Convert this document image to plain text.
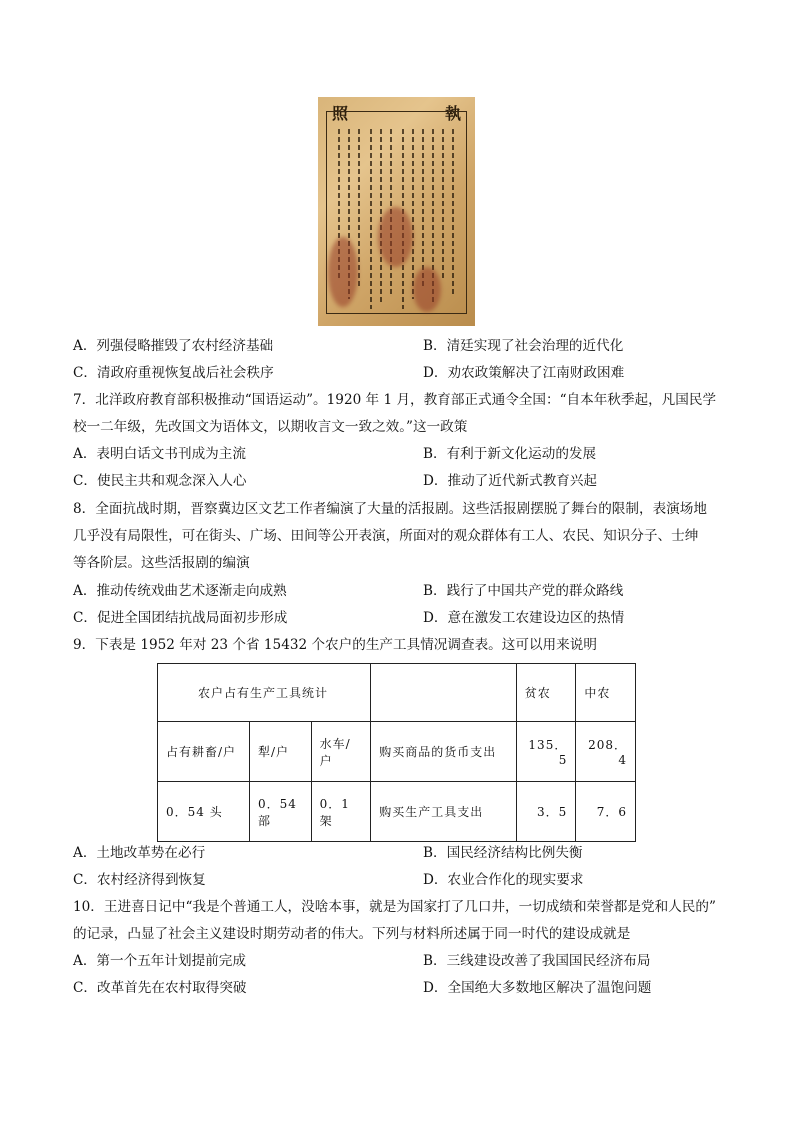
照	執
A．列强侵略摧毁了农村经济基础	B．清廷实现了社会治理的近代化
C．清政府重视恢复战后社会秩序	D．劝农政策解决了江南财政困难
7．北洋政府教育部积极推动“国语运动”。1920 年 1 月，教育部正式通令全国：“自本年秋季起，凡国民学
校一二年级，先改国文为语体文，以期收言文一致之效。”这一政策
A．表明白话文书刊成为主流	B．有利于新文化运动的发展
C．使民主共和观念深入人心	D．推动了近代新式教育兴起
8．全面抗战时期，晋察冀边区文艺工作者编演了大量的活报剧。这些活报剧摆脱了舞台的限制，表演场地
几乎没有局限性，可在街头、广场、田间等公开表演，所面对的观众群体有工人、农民、知识分子、士绅
等各阶层。这些活报剧的编演
A．推动传统戏曲艺术逐渐走向成熟	B．践行了中国共产党的群众路线
C．促进全国团结抗战局面初步形成	D．意在激发工农建设边区的热情
9．下表是 1952 年对 23 个省 15432 个农户的生产工具情况调查表。这可以用来说明
农户占有生产工具统计				贫农	中农
占有耕畜/户	犁/户	水车/户	购买商品的货币支出	135．5	208．4
0．54 头	0．54 部	0．1 架	购买生产工具支出	3．5	7．6
A．土地改革势在必行	B．国民经济结构比例失衡
C．农村经济得到恢复	D．农业合作化的现实要求
10．王进喜日记中“我是个普通工人，没啥本事，就是为国家打了几口井，一切成绩和荣誉都是党和人民的”
的记录，凸显了社会主义建设时期劳动者的伟大。下列与材料所述属于同一时代的建设成就是
A．第一个五年计划提前完成	B．三线建设改善了我国国民经济布局
C．改革首先在农村取得突破	D．全国绝大多数地区解决了温饱问题
